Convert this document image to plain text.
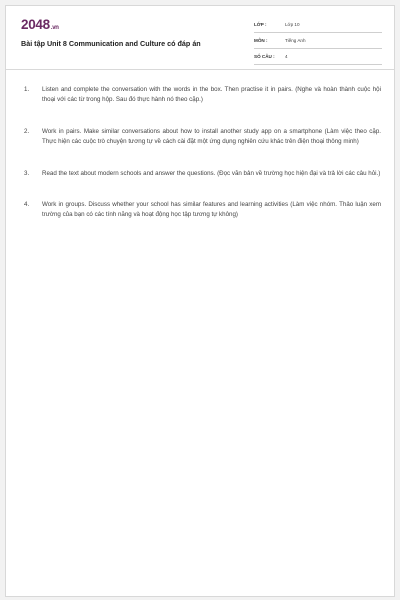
2048.vn
Bài tập Unit 8 Communication and Culture có đáp án
LỚP :	Lớp 10
MÔN :	Tiếng Anh
SỐ CÂU : 4
1. Listen and complete the conversation with the words in the box. Then practise it in pairs. (Nghe và hoàn thành cuộc hội thoại với các từ trong hộp. Sau đó thực hành nó theo cặp.)
2. Work in pairs. Make similar conversations about how to install another study app on a smartphone (Làm việc theo cặp. Thực hiện các cuộc trò chuyện tương tự về cách cài đặt một ứng dụng nghiên cứu khác trên điện thoại thông minh)
3. Read the text about modern schools and answer the questions. (Đọc văn bản về trường học hiện đại và trả lời các câu hỏi.)
4. Work in groups. Discuss whether your school has similar features and learning activities (Làm việc nhóm. Thảo luận xem trường của bạn có các tính năng và hoạt động học tập tương tự không)
